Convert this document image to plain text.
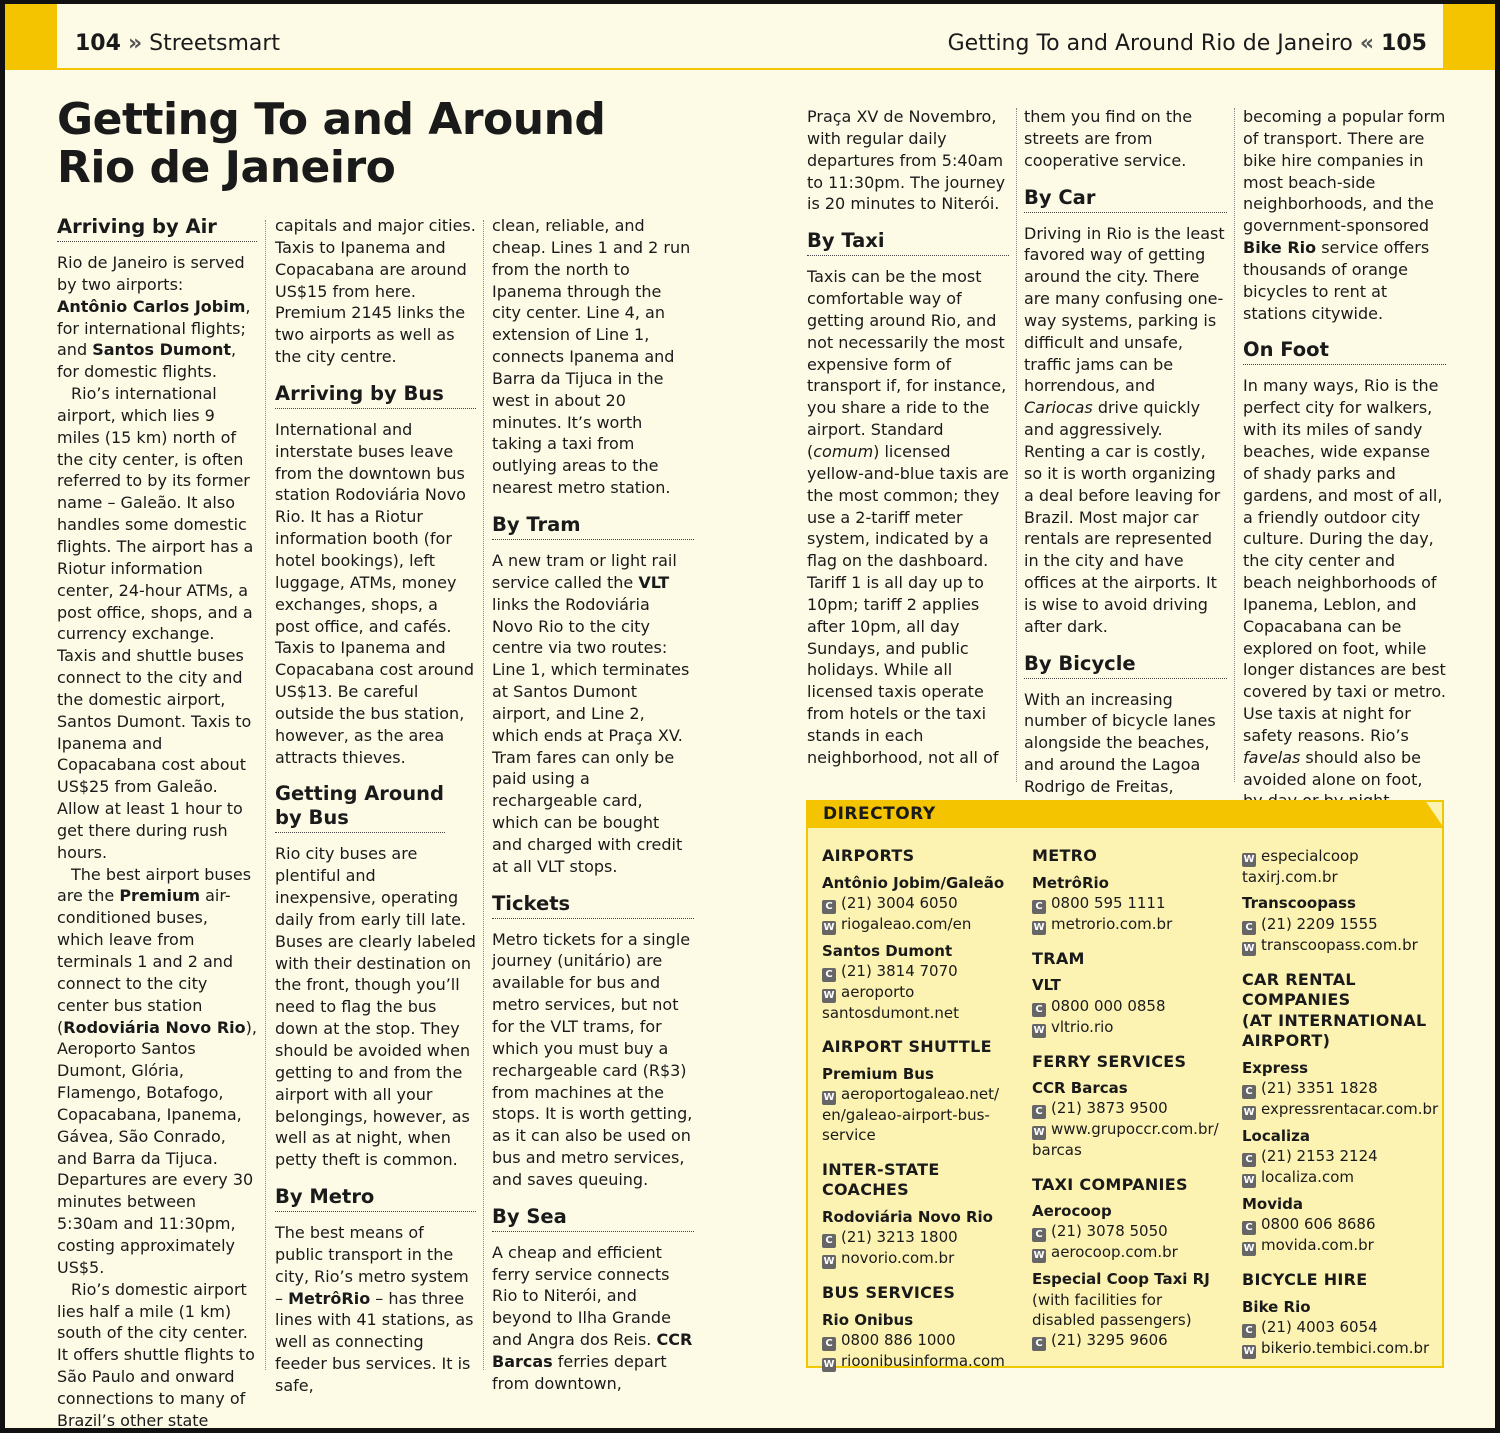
104 » Streetsmart	Getting To and Around Rio de Janeiro « 105
Getting To and Around
Rio de Janeiro
Arriving by Air

Rio de Janeiro is served by two airports: Antônio Carlos Jobim, for international flights; and Santos Dumont, for domestic flights.

Rio’s international airport, which lies 9 miles (15 km) north of the city center, is often referred to by its former name – Galeão. It also handles some domestic flights. The airport has a Riotur information center, 24-hour ATMs, a post office, shops, and a currency exchange. Taxis and shuttle buses connect to the city and the domestic airport, Santos Dumont. Taxis to Ipanema and Copacabana cost about US$25 from Galeão. Allow at least 1 hour to get there during rush hours.

The best airport buses are the Premium air-conditioned buses, which leave from terminals 1 and 2 and connect to the city center bus station (Rodoviária Novo Rio), Aeroporto Santos Dumont, Glória, Flamengo, Botafogo, Copacabana, Ipanema, Gávea, São Conrado, and Barra da Tijuca. Departures are every 30 minutes between 5:30am and 11:30pm, costing approximately US$5.

Rio’s domestic airport lies half a mile (1 km) south of the city center. It offers shuttle flights to São Paulo and onward connections to many of Brazil’s other state

capitals and major cities. Taxis to Ipanema and Copacabana are around US$15 from here. Premium 2145 links the two airports as well as the city centre.

Arriving by Bus

International and interstate buses leave from the downtown bus station Rodoviária Novo Rio. It has a Riotur information booth (for hotel bookings), left luggage, ATMs, money exchanges, shops, a post office, and cafés. Taxis to Ipanema and Copacabana cost around US$13. Be careful outside the bus station, however, as the area attracts thieves.

Getting Around by Bus

Rio city buses are plentiful and inexpensive, operating daily from early till late. Buses are clearly labeled with their destination on the front, though you’ll need to flag the bus down at the stop. They should be avoided when getting to and from the airport with all your belongings, however, as well as at night, when petty theft is common.

By Metro

The best means of public transport in the city, Rio’s metro system – MetrôRio – has three lines with 41 stations, as well as connecting feeder bus services. It is safe,

clean, reliable, and cheap. Lines 1 and 2 run from the north to Ipanema through the city center. Line 4, an extension of Line 1, connects Ipanema and Barra da Tijuca in the west in about 20 minutes. It’s worth taking a taxi from outlying areas to the nearest metro station.

By Tram

A new tram or light rail service called the VLT links the Rodoviária Novo Rio to the city centre via two routes: Line 1, which terminates at Santos Dumont airport, and Line 2, which ends at Praça XV. Tram fares can only be paid using a rechargeable card, which can be bought and charged with credit at all VLT stops.

Tickets

Metro tickets for a single journey (unitário) are available for bus and metro services, but not for the VLT trams, for which you must buy a rechargeable card (R$3) from machines at the stops. It is worth getting, as it can also be used on bus and metro services, and saves queuing.

By Sea

A cheap and efficient ferry service connects Rio to Niterói, and beyond to Ilha Grande and Angra dos Reis. CCR Barcas ferries depart from downtown,

Praça XV de Novembro, with regular daily departures from 5:40am to 11:30pm. The journey is 20 minutes to Niterói.

By Taxi

Taxis can be the most comfortable way of getting around Rio, and not necessarily the most expensive form of transport if, for instance, you share a ride to the airport. Standard (comum) licensed yellow-and-blue taxis are the most common; they use a 2-tariff meter system, indicated by a flag on the dashboard. Tariff 1 is all day up to 10pm; tariff 2 applies after 10pm, all day Sundays, and public holidays. While all licensed taxis operate from hotels or the taxi stands in each neighborhood, not all of

them you find on the streets are from cooperative service.

By Car

Driving in Rio is the least favored way of getting around the city. There are many confusing one-way systems, parking is difficult and unsafe, traffic jams can be horrendous, and Cariocas drive quickly and aggressively. Renting a car is costly, so it is worth organizing a deal before leaving for Brazil. Most major car rentals are represented in the city and have offices at the airports. It is wise to avoid driving after dark.

By Bicycle

With an increasing number of bicycle lanes alongside the beaches, and around the Lagoa Rodrigo de Freitas,

becoming a popular form of transport. There are bike hire companies in most beach-side neighborhoods, and the government-sponsored Bike Rio service offers thousands of orange bicycles to rent at stations citywide.

On Foot

In many ways, Rio is the perfect city for walkers, with its miles of sandy beaches, wide expanse of shady parks and gardens, and most of all, a friendly outdoor city culture. During the day, the city center and beach neighborhoods of Ipanema, Leblon, and Copacabana can be explored on foot, while longer distances are best covered by taxi or metro. Use taxis at night for safety reasons. Rio’s favelas should also be avoided alone on foot,

DIRECTORY
AIRPORTS
Antônio Jobim/Galeão
C (21) 3004 6050
W riogaleao.com/en
Santos Dumont
C (21) 3814 7070
W aeroporto
santosdumont.net
AIRPORT SHUTTLE
Premium Bus
W aeroportogaleao.net/
en/galeao-airport-bus-
service
INTER-STATE COACHES
Rodoviária Novo Rio
C (21) 3213 1800
W novorio.com.br
BUS SERVICES
Rio Onibus
C 0800 886 1000
W rioonibusinforma.com
METRO
MetrôRio
C 0800 595 1111
W metrorio.com.br
TRAM
VLT
C 0800 000 0858
W vltrio.rio
FERRY SERVICES
CCR Barcas
C (21) 3873 9500
W www.grupoccr.com.br/
barcas
TAXI COMPANIES
Aerocoop
C (21) 3078 5050
W aerocoop.com.br
Especial Coop Taxi RJ
(with facilities for
disabled passengers)
C (21) 3295 9606
W especialcoop
taxirj.com.br
Transcoopass
C (21) 2209 1555
W transcoopass.com.br
CAR RENTAL COMPANIES
(AT INTERNATIONAL
AIRPORT)
Express
C (21) 3351 1828
W expressrentacar.com.br
Localiza
C (21) 2153 2124
W localiza.com
Movida
C 0800 606 8686
W movida.com.br
BICYCLE HIRE
Bike Rio
C (21) 4003 6054
W bikerio.tembici.com.br
